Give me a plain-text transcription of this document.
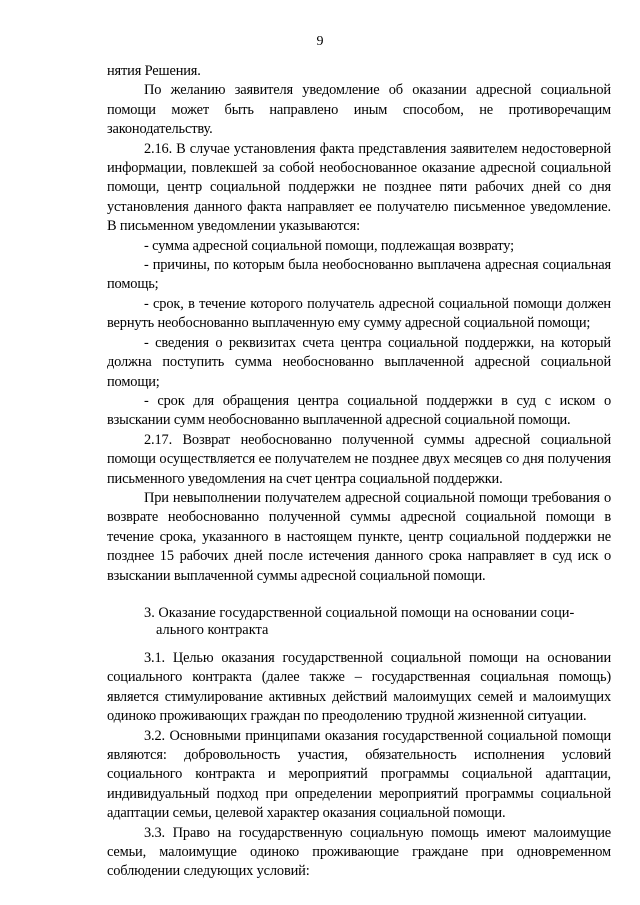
9

нятия Решения.

По желанию заявителя уведомление об оказании адресной социальной помощи может быть направлено иным способом, не противоречащим законодательству.

2.16. В случае установления факта представления заявителем недостоверной информации, повлекшей за собой необоснованное оказание адресной социальной помощи, центр социальной поддержки не позднее пяти рабочих дней со дня установления данного факта направляет ее получателю письменное уведомление. В письменном уведомлении указываются:

- сумма адресной социальной помощи, подлежащая возврату;

- причины, по которым была необоснованно выплачена адресная социальная помощь;

- срок, в течение которого получатель адресной социальной помощи должен вернуть необоснованно выплаченную ему сумму адресной социальной помощи;

- сведения о реквизитах счета центра социальной поддержки, на который должна поступить сумма необоснованно выплаченной адресной социальной помощи;

- срок для обращения центра социальной поддержки в суд с иском о взыскании сумм необоснованно выплаченной адресной социальной помощи.

2.17. Возврат необоснованно полученной суммы адресной социальной помощи осуществляется ее получателем не позднее двух месяцев со дня получения письменного уведомления на счет центра социальной поддержки.

При невыполнении получателем адресной социальной помощи требования о возврате необоснованно полученной суммы адресной социальной помощи в течение срока, указанного в настоящем пункте, центр социальной поддержки не позднее 15 рабочих дней после истечения данного срока направляет в суд иск о взыскании выплаченной суммы адресной социальной помощи.

3. Оказание государственной социальной помощи на основании соци-
ального контракта

3.1. Целью оказания государственной социальной помощи на основании социального контракта (далее также – государственная социальная помощь) является стимулирование активных действий малоимущих семей и малоимущих одиноко проживающих граждан по преодолению трудной жизненной ситуации.

3.2. Основными принципами оказания государственной социальной помощи являются: добровольность участия, обязательность исполнения условий социального контракта и мероприятий программы социальной адаптации, индивидуальный подход при определении мероприятий программы социальной адаптации семьи, целевой характер оказания социальной помощи.

3.3. Право на государственную социальную помощь имеют малоимущие семьи, малоимущие одиноко проживающие граждане при одновременном соблюдении следующих условий:
